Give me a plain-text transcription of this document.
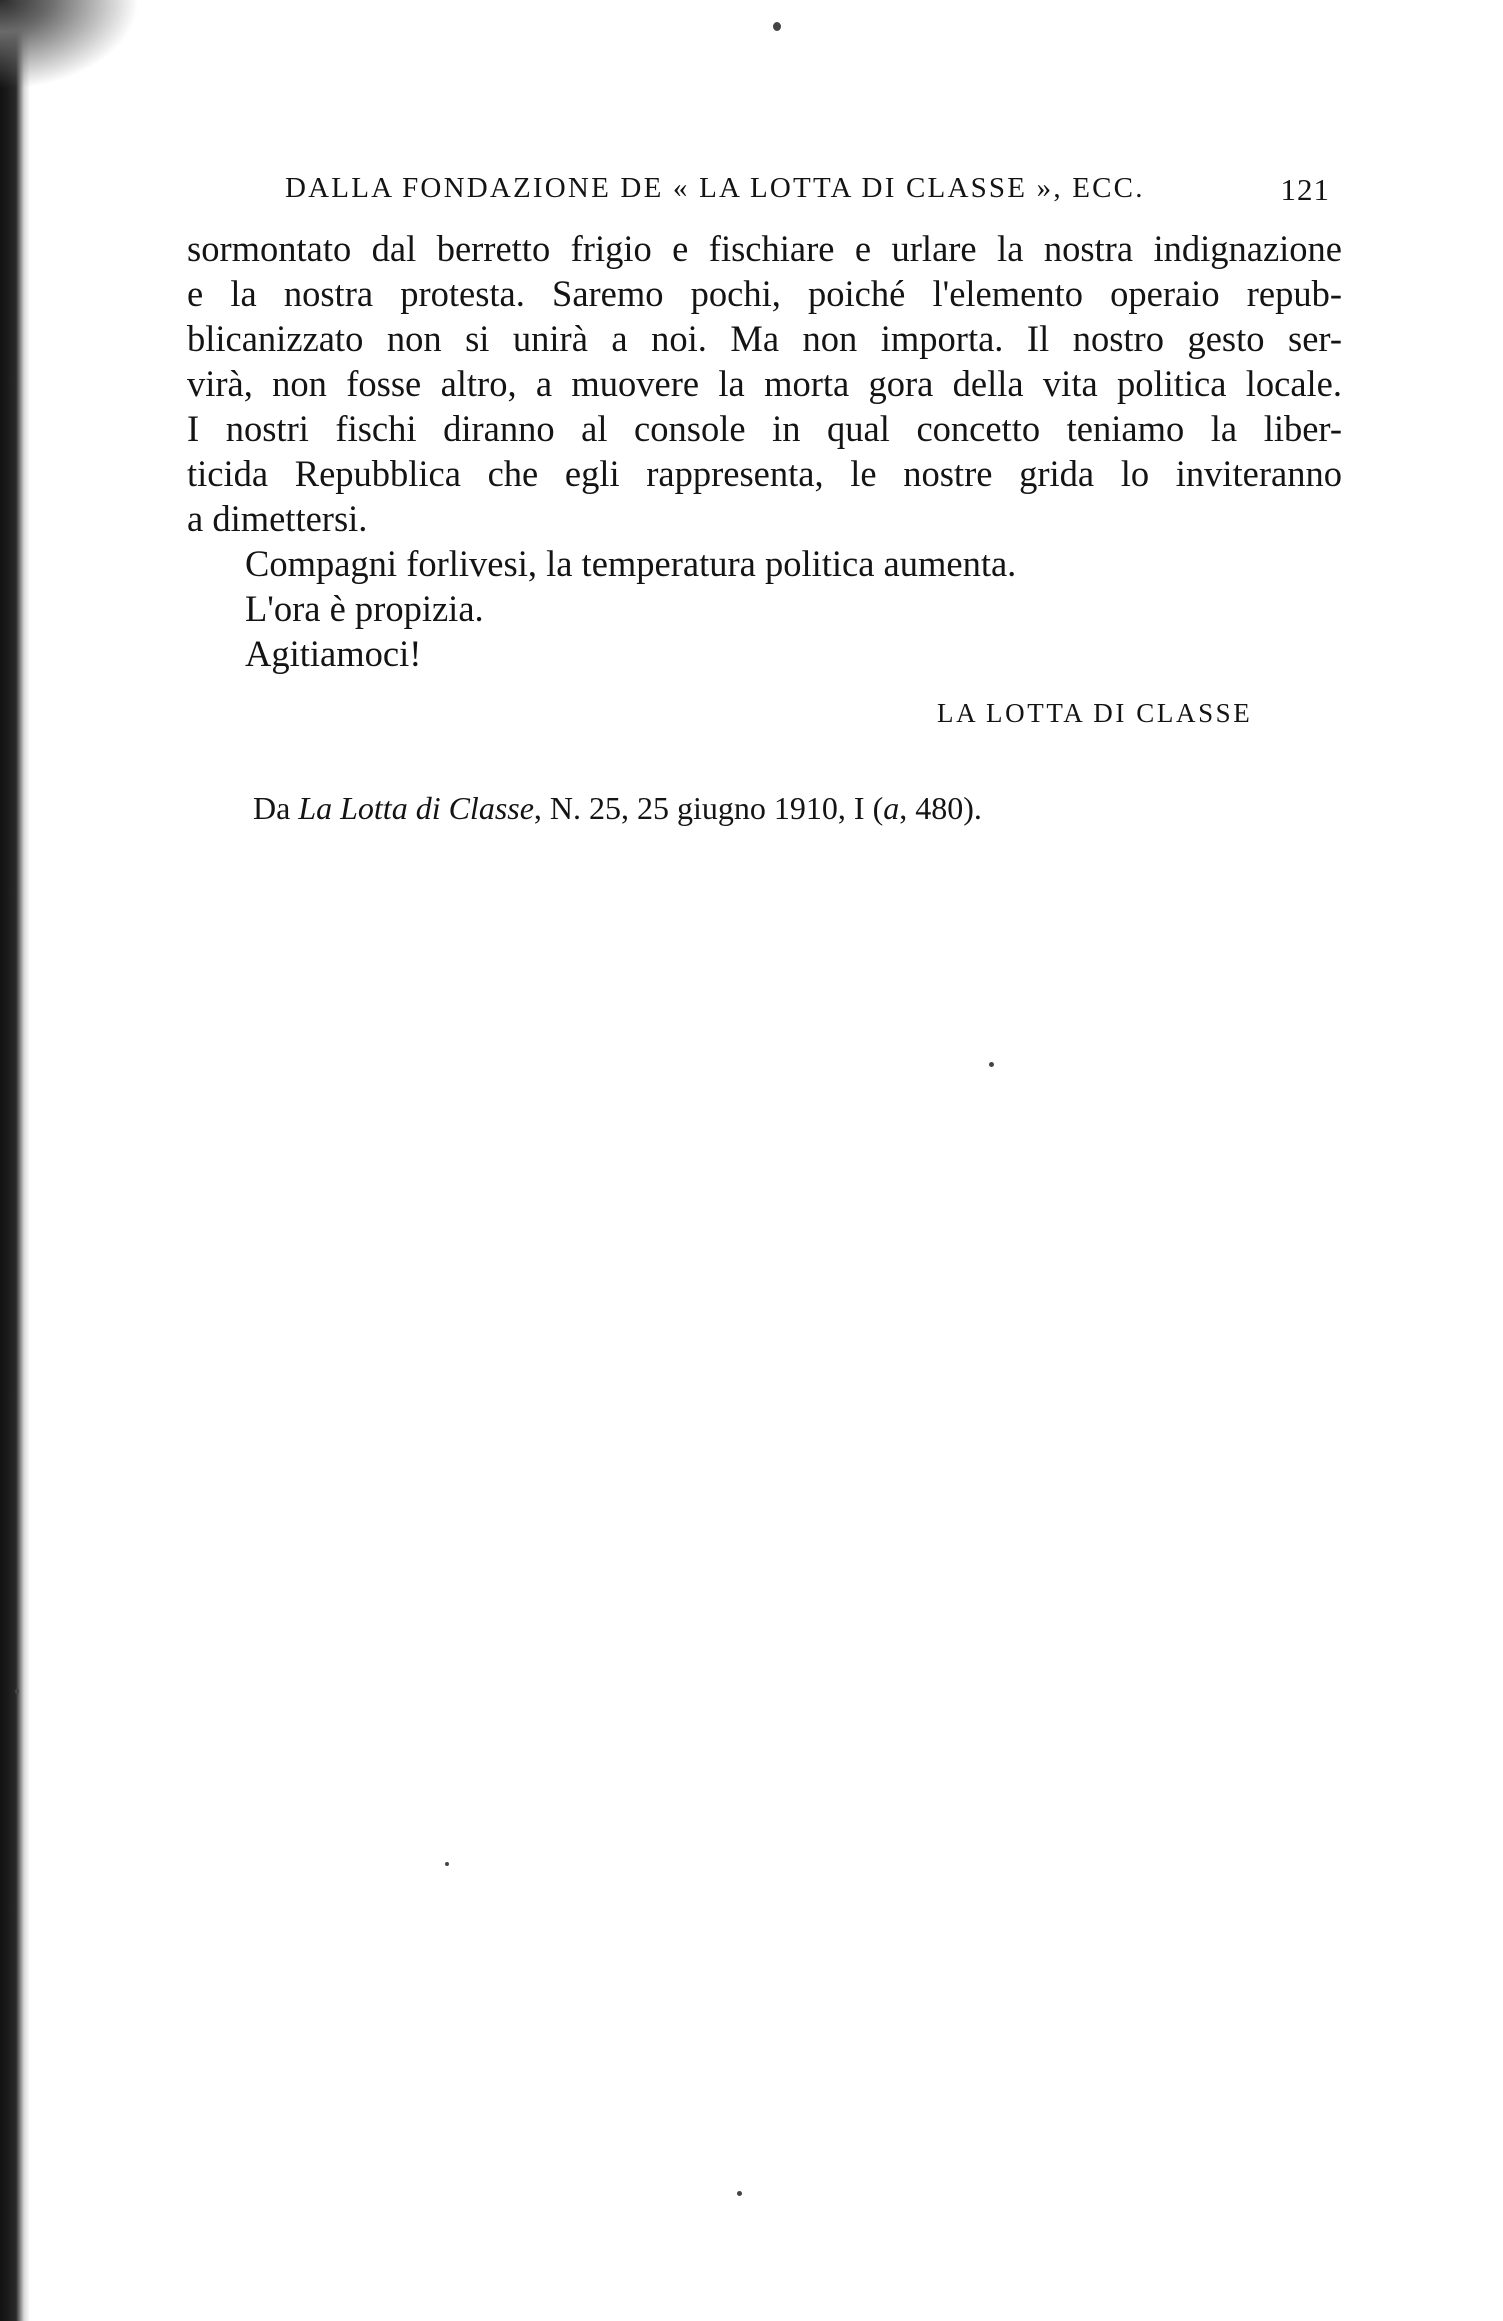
DALLA FONDAZIONE DE « LA LOTTA DI CLASSE », ECC.	121

sormontato dal berretto frigio e fischiare e urlare la nostra indignazione

e la nostra protesta. Saremo pochi, poiché l'elemento operaio repub-

blicanizzato non si unirà a noi. Ma non importa. Il nostro gesto ser-

virà, non fosse altro, a muovere la morta gora della vita politica locale.

I nostri fischi diranno al console in qual concetto teniamo la liber-

ticida Repubblica che egli rappresenta, le nostre grida lo inviteranno

a dimettersi.

Compagni forlivesi, la temperatura politica aumenta.

L'ora è propizia.

Agitiamoci!

LA LOTTA DI CLASSE
Da La Lotta di Classe, N. 25, 25 giugno 1910, I (a, 480).
